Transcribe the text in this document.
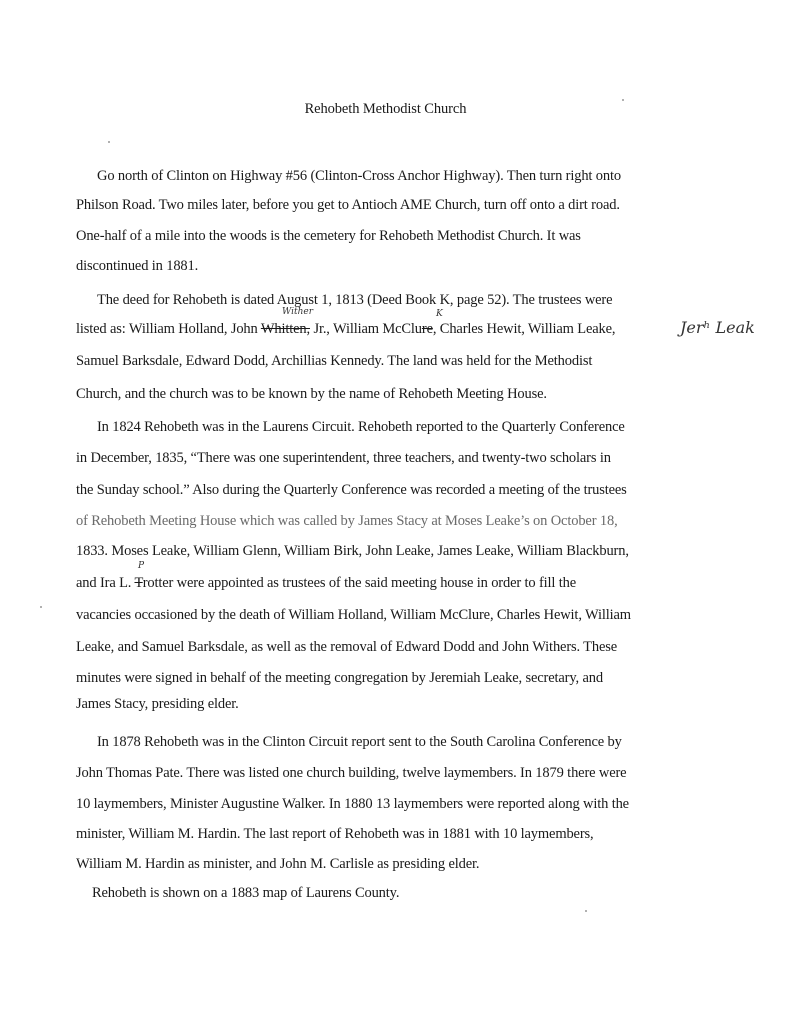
Rehobeth Methodist Church
Go north of Clinton on Highway #56 (Clinton-Cross Anchor Highway). Then turn right onto
Philson Road. Two miles later, before you get to Antioch AME Church, turn off onto a dirt road.
One-half of a mile into the woods is the cemetery for Rehobeth Methodist Church. It was
discontinued in 1881.
The deed for Rehobeth is dated August 1, 1813 (Deed Book K, page 52). The trustees were
listed as: William Holland, John Whitten, Jr., William McClure, Charles Hewit, William Leake,
Wither	K
Jerʰ Leak
Samuel Barksdale, Edward Dodd, Archillias Kennedy. The land was held for the Methodist
Church, and the church was to be known by the name of Rehobeth Meeting House.
In 1824 Rehobeth was in the Laurens Circuit. Rehobeth reported to the Quarterly Conference
in December, 1835, “There was one superintendent, three teachers, and twenty-two scholars in
the Sunday school.” Also during the Quarterly Conference was recorded a meeting of the trustees
of Rehobeth Meeting House which was called by James Stacy at Moses Leake’s on October 18,
1833. Moses Leake, William Glenn, William Birk, John Leake, James Leake, William Blackburn,
and Ira L. Trotter were appointed as trustees of the said meeting house in order to fill the
P
vacancies occasioned by the death of William Holland, William McClure, Charles Hewit, William
Leake, and Samuel Barksdale, as well as the removal of Edward Dodd and John Withers. These
minutes were signed in behalf of the meeting congregation by Jeremiah Leake, secretary, and
James Stacy, presiding elder.
In 1878 Rehobeth was in the Clinton Circuit report sent to the South Carolina Conference by
John Thomas Pate. There was listed one church building, twelve laymembers. In 1879 there were
10 laymembers, Minister Augustine Walker. In 1880 13 laymembers were reported along with the
minister, William M. Hardin. The last report of Rehobeth was in 1881 with 10 laymembers,
William M. Hardin as minister, and John M. Carlisle as presiding elder.
Rehobeth is shown on a 1883 map of Laurens County.
